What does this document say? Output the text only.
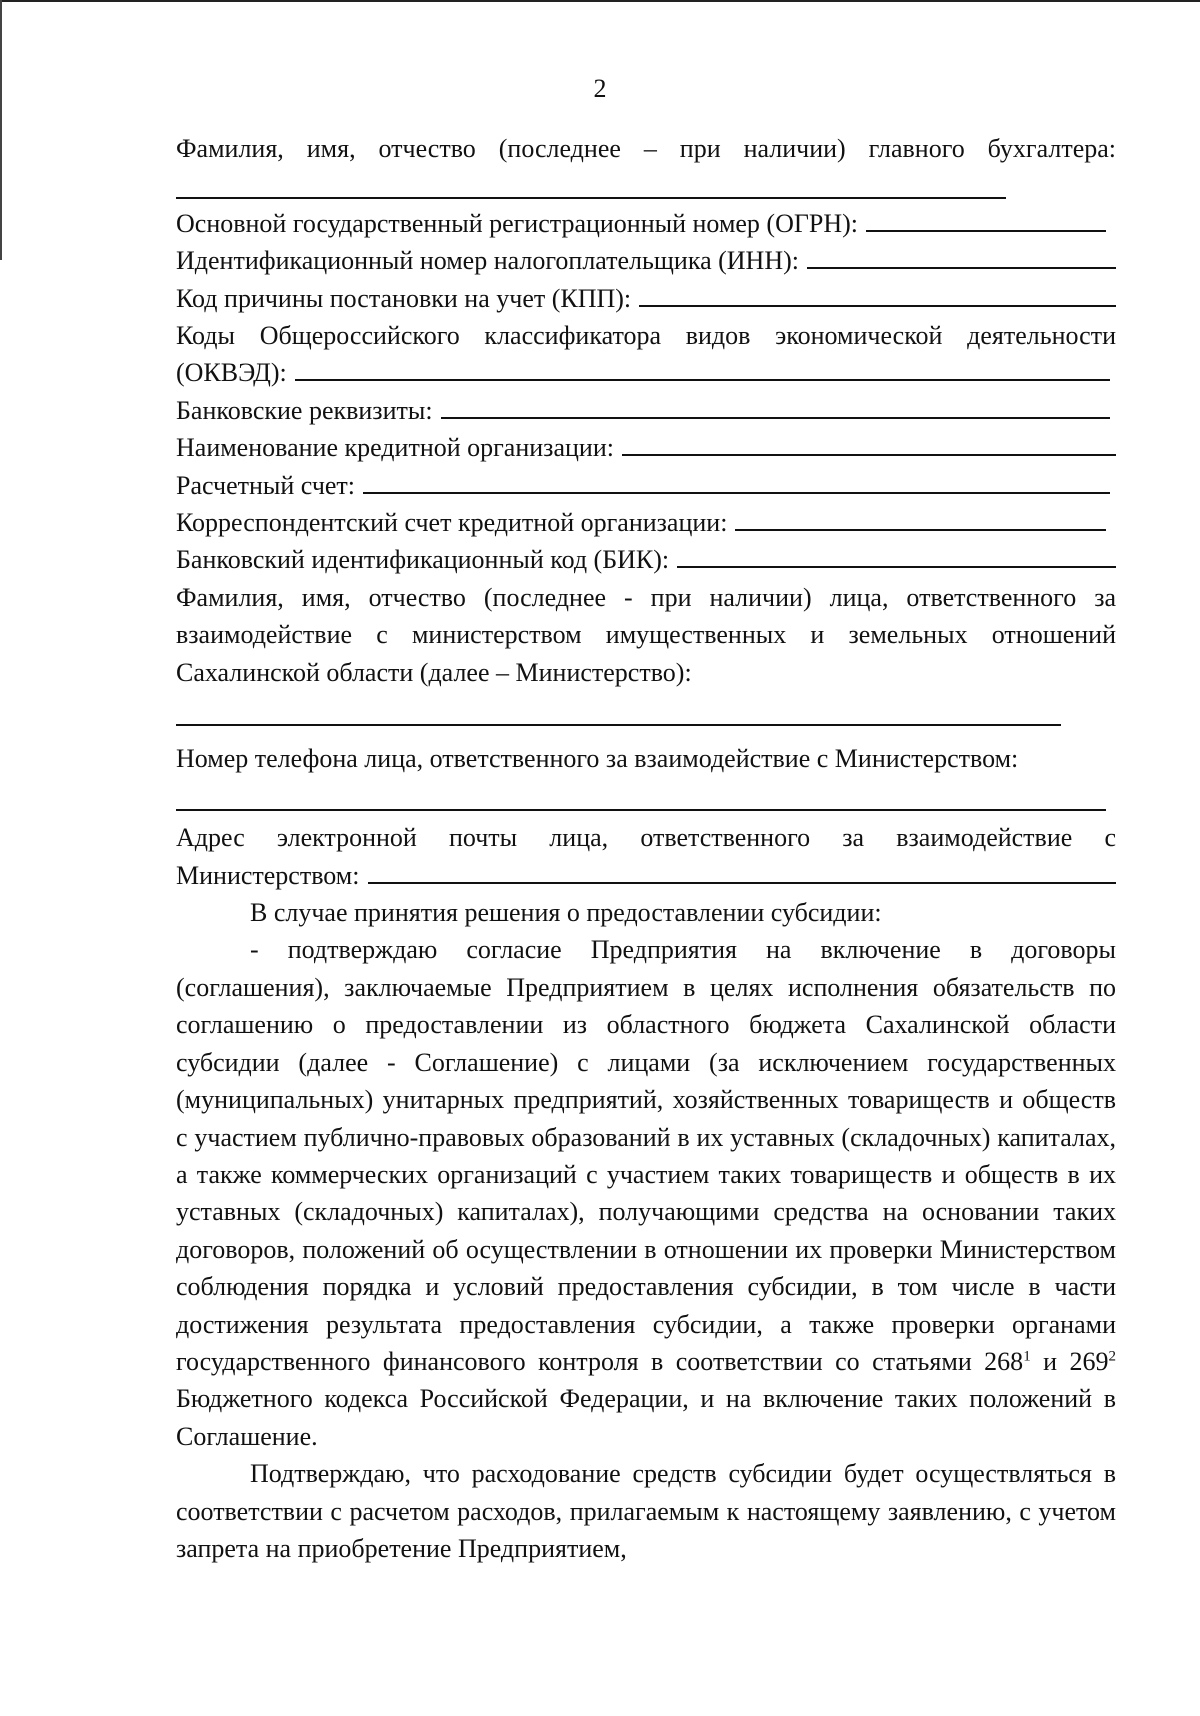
2
Фамилия, имя, отчество (последнее – при наличии) главного бухгалтера:
Основной государственный регистрационный номер (ОГРН):
Идентификационный номер налогоплательщика (ИНН):
Код причины постановки на учет (КПП):
Коды Общероссийского классификатора видов экономической деятельности
(ОКВЭД):
Банковские реквизиты:
Наименование кредитной организации:
Расчетный счет:
Корреспондентский счет кредитной организации:
Банковский идентификационный код (БИК):
Фамилия, имя, отчество (последнее - при наличии) лица, ответственного за
взаимодействие с министерством имущественных и земельных отношений
Сахалинской области (далее – Министерство):
Номер телефона лица, ответственного за взаимодействие с Министерством:
Адрес электронной почты лица, ответственного за взаимодействие с
Министерством:
В случае принятия решения о предоставлении субсидии:
- подтверждаю согласие Предприятия на включение в договоры (соглашения), заключаемые Предприятием в целях исполнения обязательств по соглашению о предоставлении из областного бюджета Сахалинской области субсидии (далее - Соглашение) с лицами (за исключением государственных (муниципальных) унитарных предприятий, хозяйственных товариществ и обществ с участием публично-правовых образований в их уставных (складочных) капиталах, а также коммерческих организаций с участием таких товариществ и обществ в их уставных (складочных) капиталах), получающими средства на основании таких договоров, положений об осуществлении в отношении их проверки Министерством соблюдения порядка и условий предоставления субсидии, в том числе в части достижения результата предоставления субсидии, а также проверки органами государственного финансового контроля в соответствии со статьями $268^1$ и $269^2$ Бюджетного кодекса Российской Федерации, и на включение таких положений в Соглашение.
Подтверждаю, что расходование средств субсидии будет осуществляться в соответствии с расчетом расходов, прилагаемым к настоящему заявлению, с учетом запрета на приобретение Предприятием,
